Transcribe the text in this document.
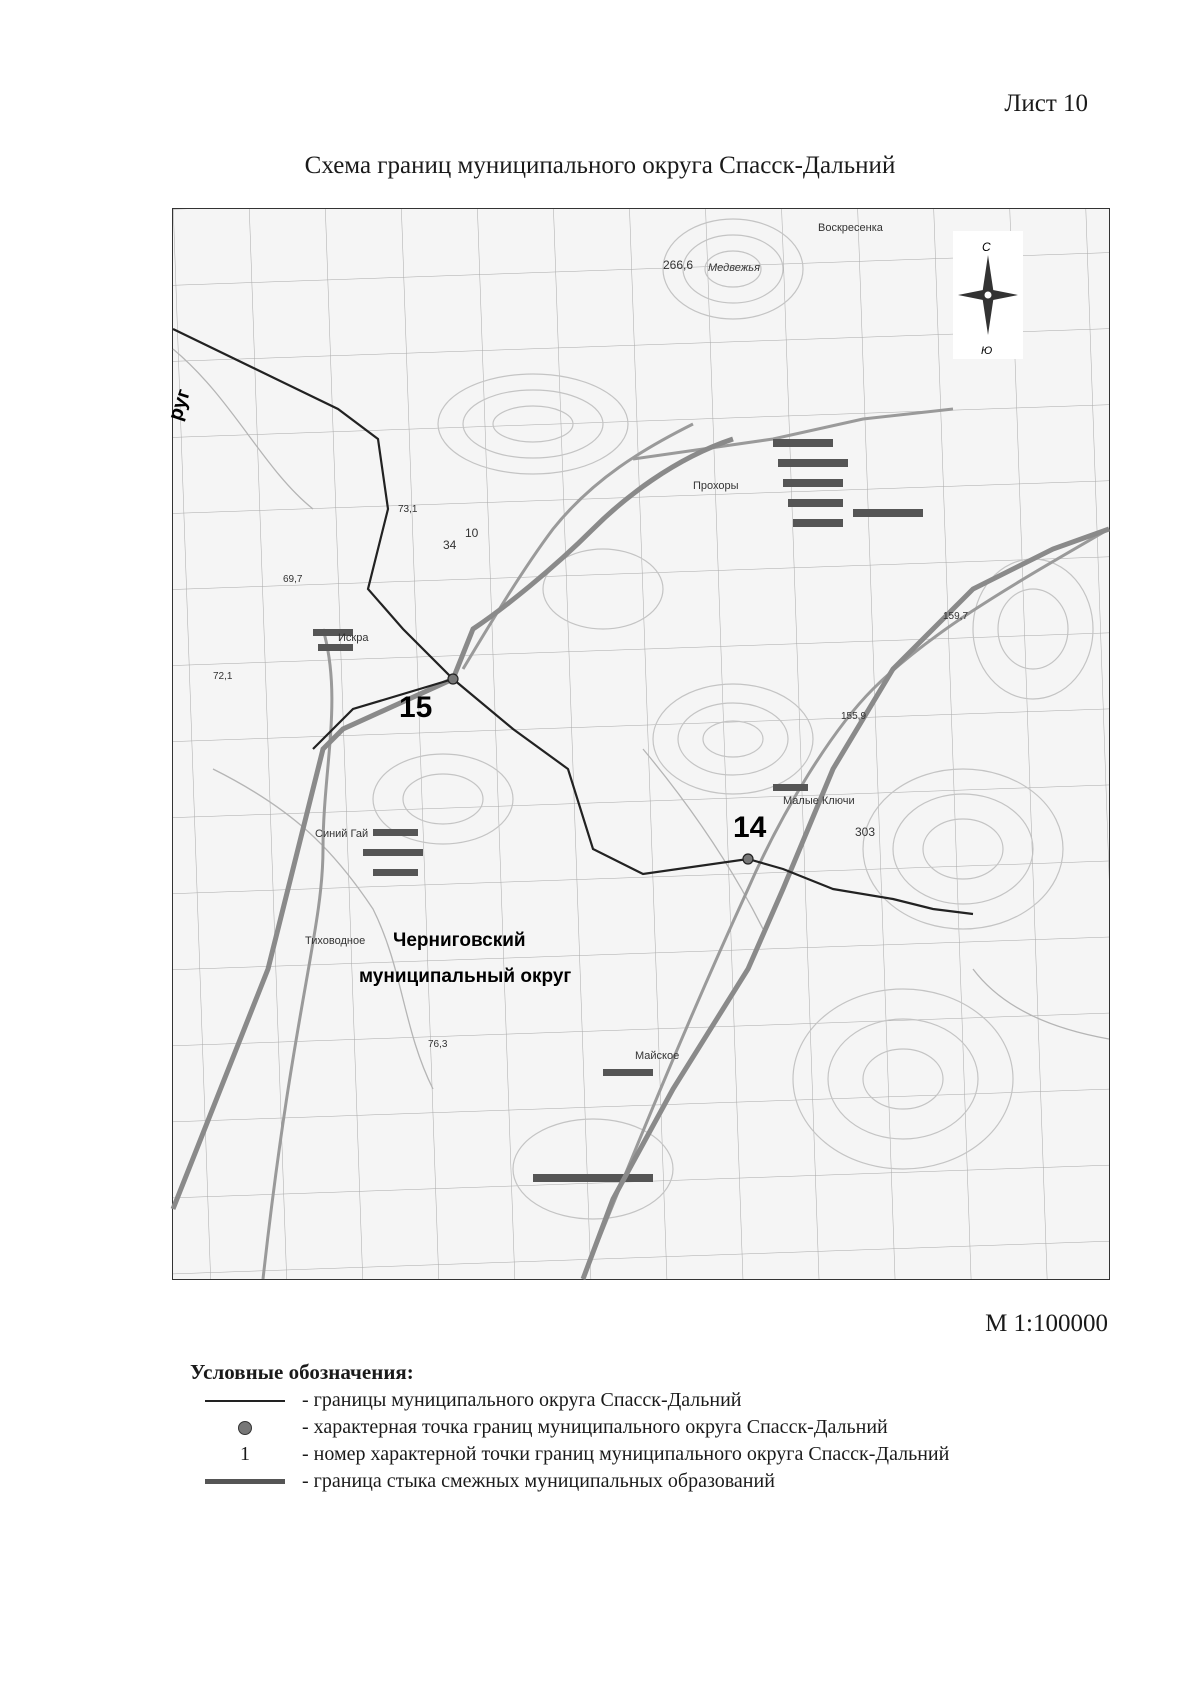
Лист 10
Схема границ муниципального округа Спасск-Дальний
15
14
Черниговский
муниципальный округ
руг
Воскресенка
Прохоры
Искра
Синий Гай
Майское
Тиховодное
Малые Ключи
Медвежья
266,6
303
73,1
69,7
72,1
76,3
155,9
159,7
34
10
С
Ю
М 1:100000
Условные обозначения:
- границы муниципального округа Спасск-Дальний
- характерная точка границ муниципального округа Спасск-Дальний
1	- номер характерной точки границ муниципального округа Спасск-Дальний
- граница стыка смежных муниципальных образований
